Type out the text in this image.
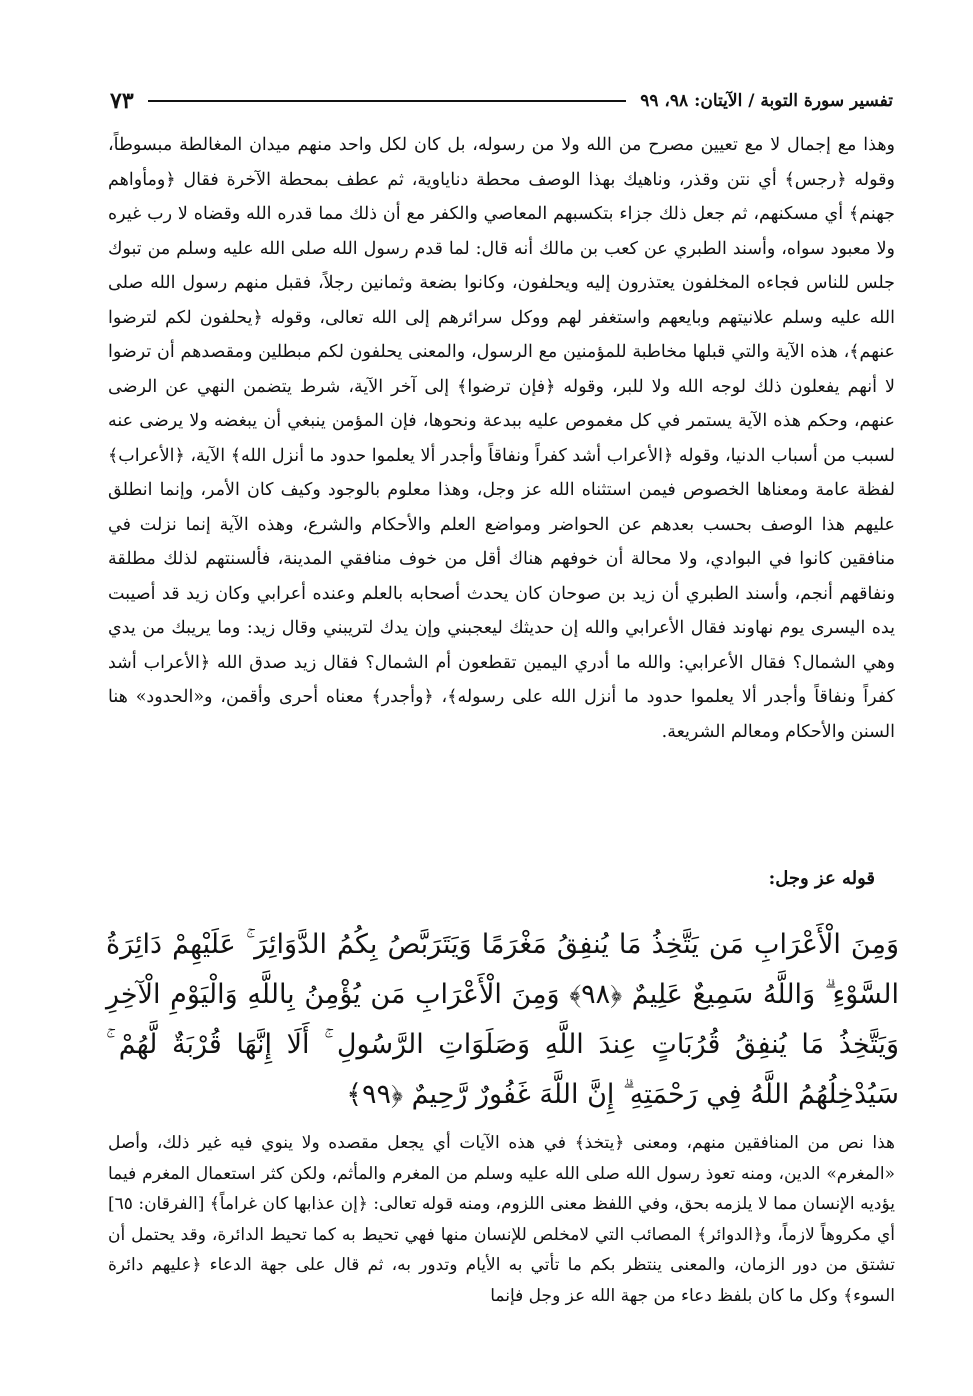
تفسير سورة التوبة / الآيتان: ٩٨، ٩٩
٧٣

وهذا مع إجمال لا مع تعيين مصرح من الله ولا من رسوله، بل كان لكل واحد منهم ميدان المغالطة مبسوطاً، وقوله ﴿رجس﴾ أي نتن وقذر، وناهيك بهذا الوصف محطة دناياوية، ثم عطف بمحطة الآخرة فقال ﴿ومأواهم جهنم﴾ أي مسكنهم، ثم جعل ذلك جزاء بتكسبهم المعاصي والكفر مع أن ذلك مما قدره الله وقضاه لا رب غيره ولا معبود سواه، وأسند الطبري عن كعب بن مالك أنه قال: لما قدم رسول الله صلى الله عليه وسلم من تبوك جلس للناس فجاءه المخلفون يعتذرون إليه ويحلفون، وكانوا بضعة وثمانين رجلاً، فقبل منهم رسول الله صلى الله عليه وسلم علانيتهم وبايعهم واستغفر لهم ووكل سرائرهم إلى الله تعالى، وقوله ﴿يحلفون لكم لترضوا عنهم﴾، هذه الآية والتي قبلها مخاطبة للمؤمنين مع الرسول، والمعنى يحلفون لكم مبطلين ومقصدهم أن ترضوا لا أنهم يفعلون ذلك لوجه الله ولا للبر، وقوله ﴿فإن ترضوا﴾ إلى آخر الآية، شرط يتضمن النهي عن الرضى عنهم، وحكم هذه الآية يستمر في كل مغموص عليه ببدعة ونحوها، فإن المؤمن ينبغي أن يبغضه ولا يرضى عنه لسبب من أسباب الدنيا، وقوله ﴿الأعراب أشد كفراً ونفاقاً وأجدر ألا يعلموا حدود ما أنزل الله﴾ الآية، ﴿الأعراب﴾ لفظة عامة ومعناها الخصوص فيمن استثناه الله عز وجل، وهذا معلوم بالوجود وكيف كان الأمر، وإنما انطلق عليهم هذا الوصف بحسب بعدهم عن الحواضر ومواضع العلم والأحكام والشرع، وهذه الآية إنما نزلت في منافقين كانوا في البوادي، ولا محالة أن خوفهم هناك أقل من خوف منافقي المدينة، فألسنتهم لذلك مطلقة ونفاقهم أنجم، وأسند الطبري أن زيد بن صوحان كان يحدث أصحابه بالعلم وعنده أعرابي وكان زيد قد أصيبت يده اليسرى يوم نهاوند فقال الأعرابي والله إن حديثك ليعجبني وإن يدك لتريبني وقال زيد: وما يريبك من يدي وهي الشمال؟ فقال الأعرابي: والله ما أدري اليمين تقطعون أم الشمال؟ فقال زيد صدق الله ﴿الأعراب أشد كفراً ونفاقاً وأجدر ألا يعلموا حدود ما أنزل الله على رسوله﴾، ﴿وأجدر﴾ معناه أحرى وأقمن، و«الحدود» هنا السنن والأحكام ومعالم الشريعة.

قوله عز وجل:
وَمِنَ الْأَعْرَابِ مَن يَتَّخِذُ مَا يُنفِقُ مَغْرَمًا وَيَتَرَبَّصُ بِكُمُ الدَّوَائِرَ ۚ عَلَيْهِمْ دَائِرَةُ السَّوْءِ ۗ وَاللَّهُ سَمِيعٌ عَلِيمٌ ﴿٩٨﴾ وَمِنَ الْأَعْرَابِ مَن يُؤْمِنُ بِاللَّهِ وَالْيَوْمِ الْآخِرِ وَيَتَّخِذُ مَا يُنفِقُ قُرُبَاتٍ عِندَ اللَّهِ وَصَلَوَاتِ الرَّسُولِ ۚ أَلَا إِنَّهَا قُرْبَةٌ لَّهُمْ ۚ سَيُدْخِلُهُمُ اللَّهُ فِي رَحْمَتِهِ ۗ إِنَّ اللَّهَ غَفُورٌ رَّحِيمٌ ﴿٩٩﴾

هذا نص من المنافقين منهم، ومعنى ﴿يتخذ﴾ في هذه الآيات أي يجعل مقصده ولا ينوي فيه غير ذلك، وأصل «المغرم» الدين، ومنه تعوذ رسول الله صلى الله عليه وسلم من المغرم والمأثم، ولكن كثر استعمال المغرم فيما يؤديه الإنسان مما لا يلزمه بحق، وفي اللفظ معنى اللزوم، ومنه قوله تعالى: ﴿إن عذابها كان غراماً﴾ [الفرقان: ٦٥] أي مكروهاً لازماً، و﴿الدوائر﴾ المصائب التي لامخلص للإنسان منها فهي تحيط به كما تحيط الدائرة، وقد يحتمل أن تشتق من دور الزمان، والمعنى ينتظر بكم ما تأتي به الأيام وتدور به، ثم قال على جهة الدعاء ﴿عليهم دائرة السوء﴾ وكل ما كان بلفظ دعاء من جهة الله عز وجل فإنما
